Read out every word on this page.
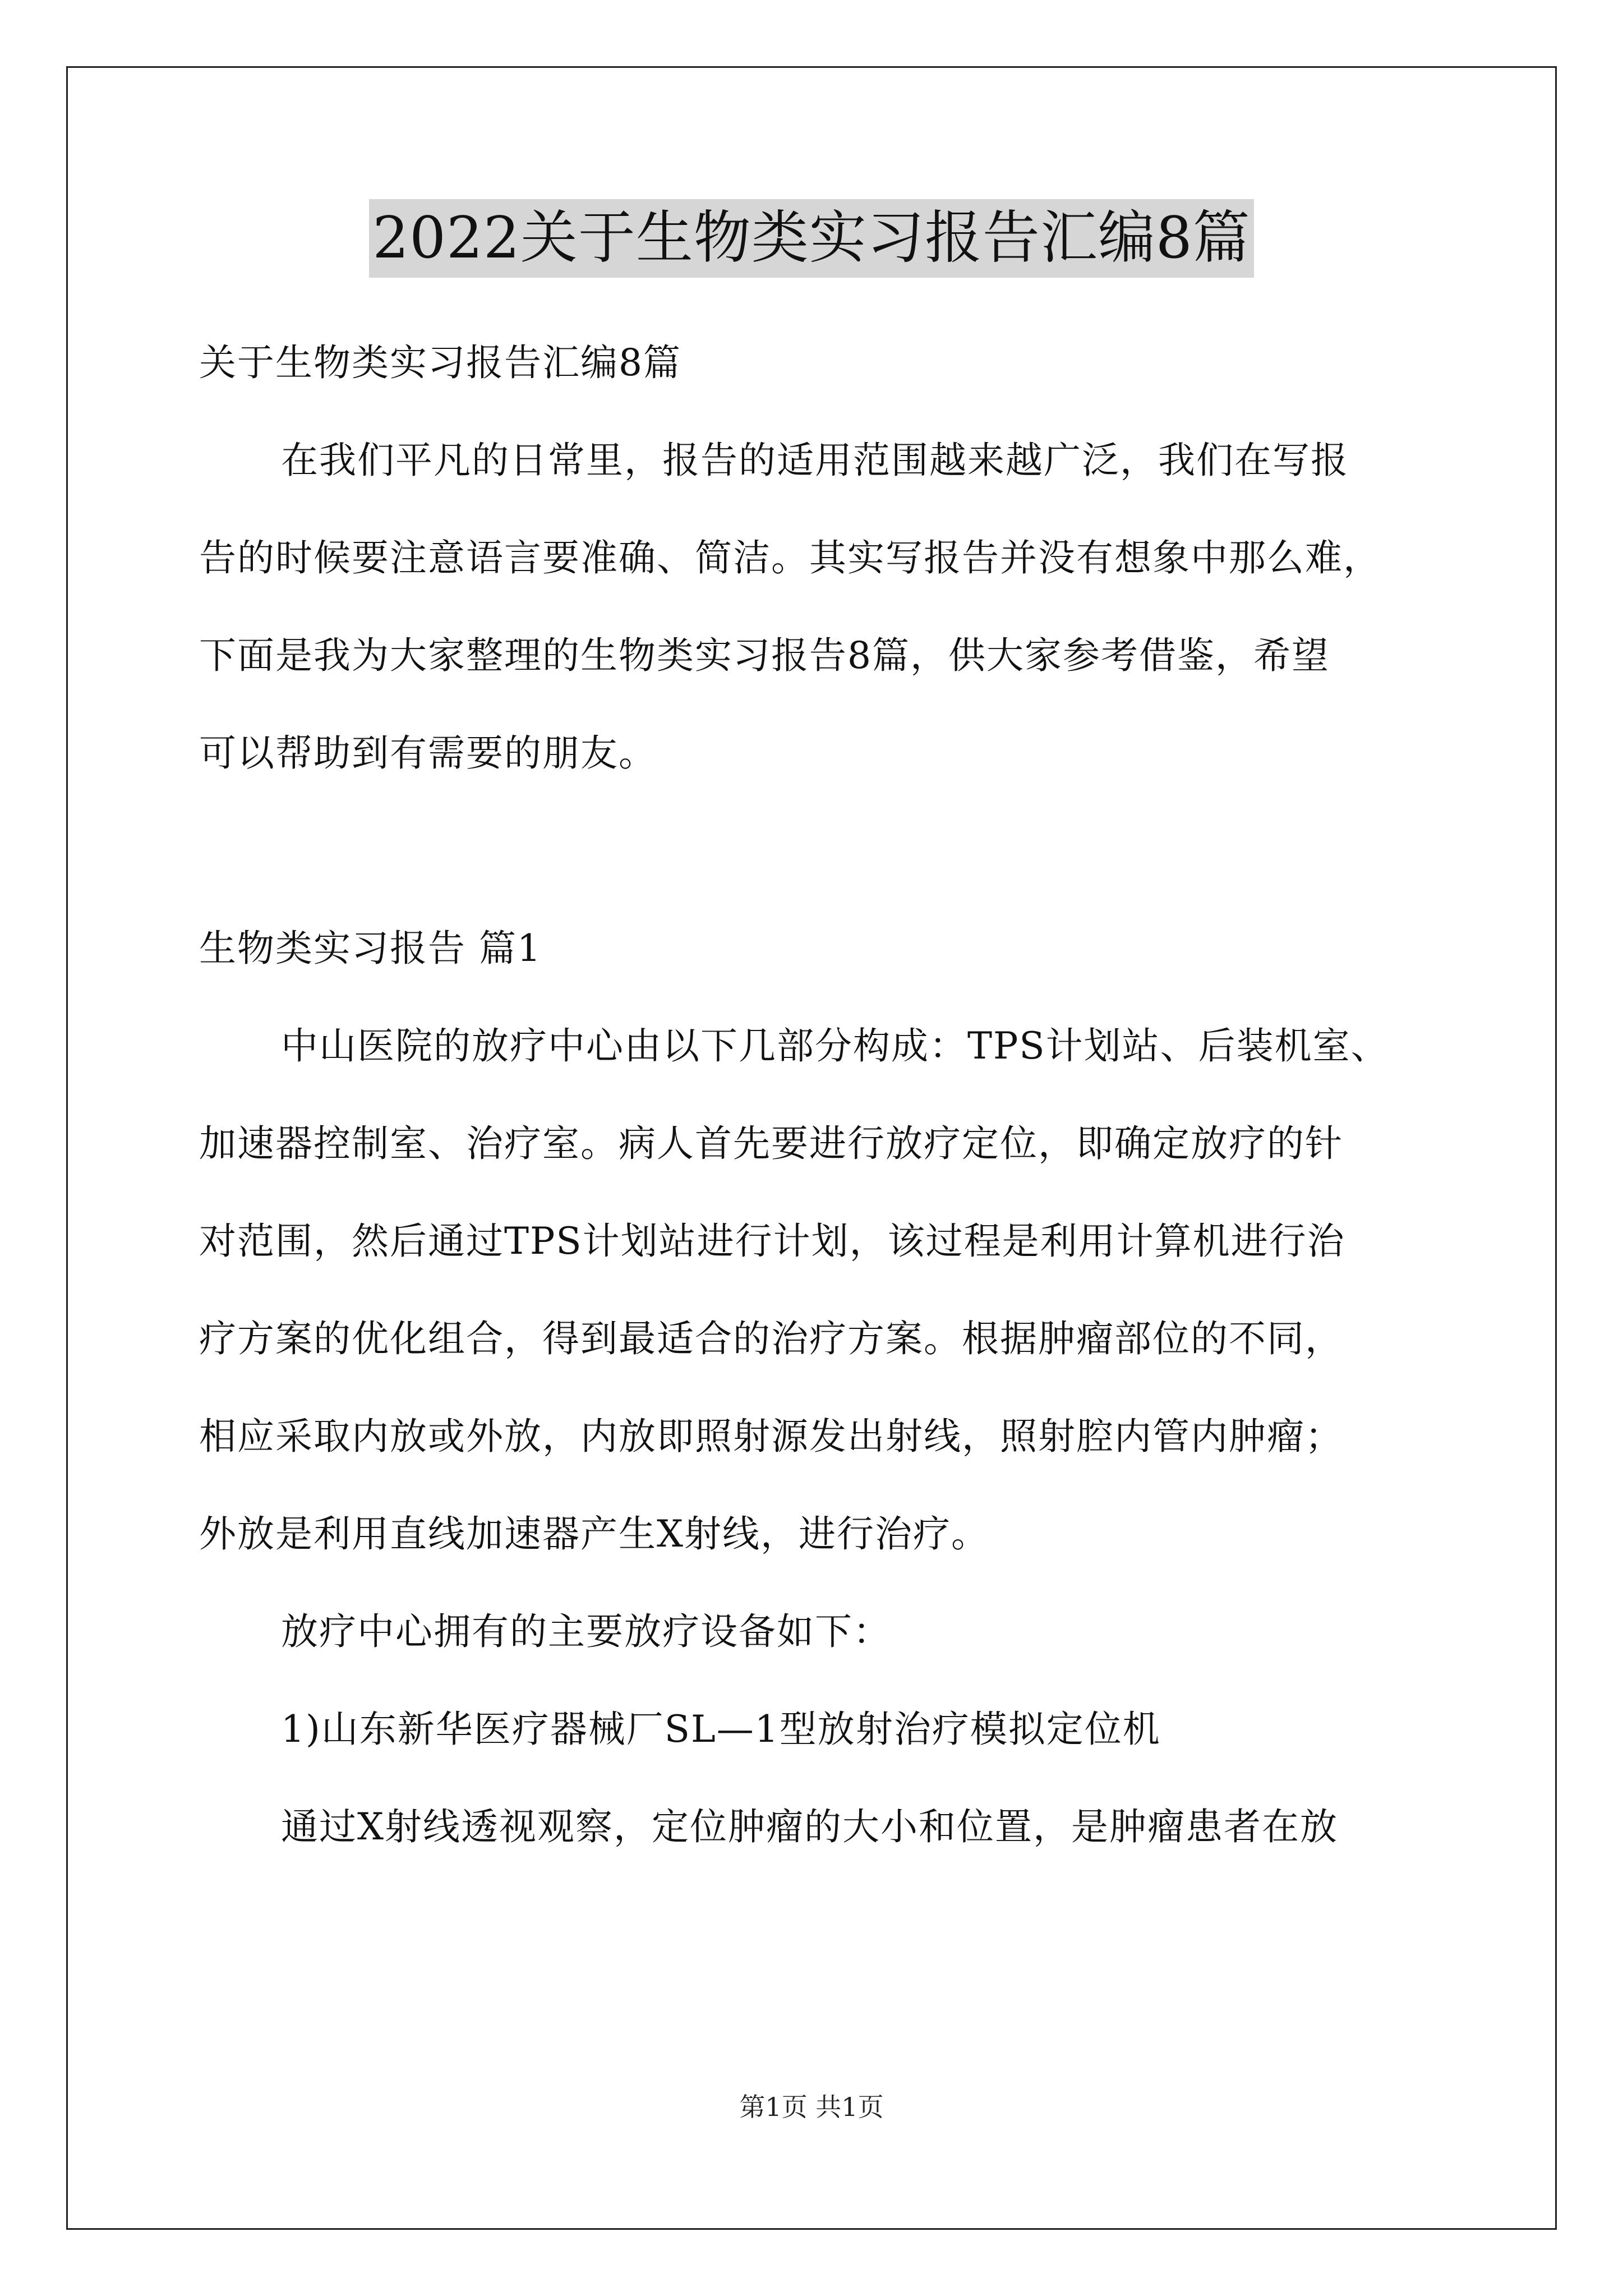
2022关于生物类实习报告汇编8篇
关于生物类实习报告汇编8篇
在我们平凡的日常里，报告的适用范围越来越广泛，我们在写报
告的时候要注意语言要准确、简洁。其实写报告并没有想象中那么难，
下面是我为大家整理的生物类实习报告8篇，供大家参考借鉴，希望
可以帮助到有需要的朋友。
生物类实习报告 篇1
中山医院的放疗中心由以下几部分构成：TPS计划站、后装机室、
加速器控制室、治疗室。病人首先要进行放疗定位，即确定放疗的针
对范围，然后通过TPS计划站进行计划，该过程是利用计算机进行治
疗方案的优化组合，得到最适合的治疗方案。根据肿瘤部位的不同，
相应采取内放或外放，内放即照射源发出射线，照射腔内管内肿瘤；
外放是利用直线加速器产生X射线，进行治疗。
放疗中心拥有的主要放疗设备如下：
1)山东新华医疗器械厂SL—1型放射治疗模拟定位机
通过X射线透视观察，定位肿瘤的大小和位置，是肿瘤患者在放
第1页 共1页
